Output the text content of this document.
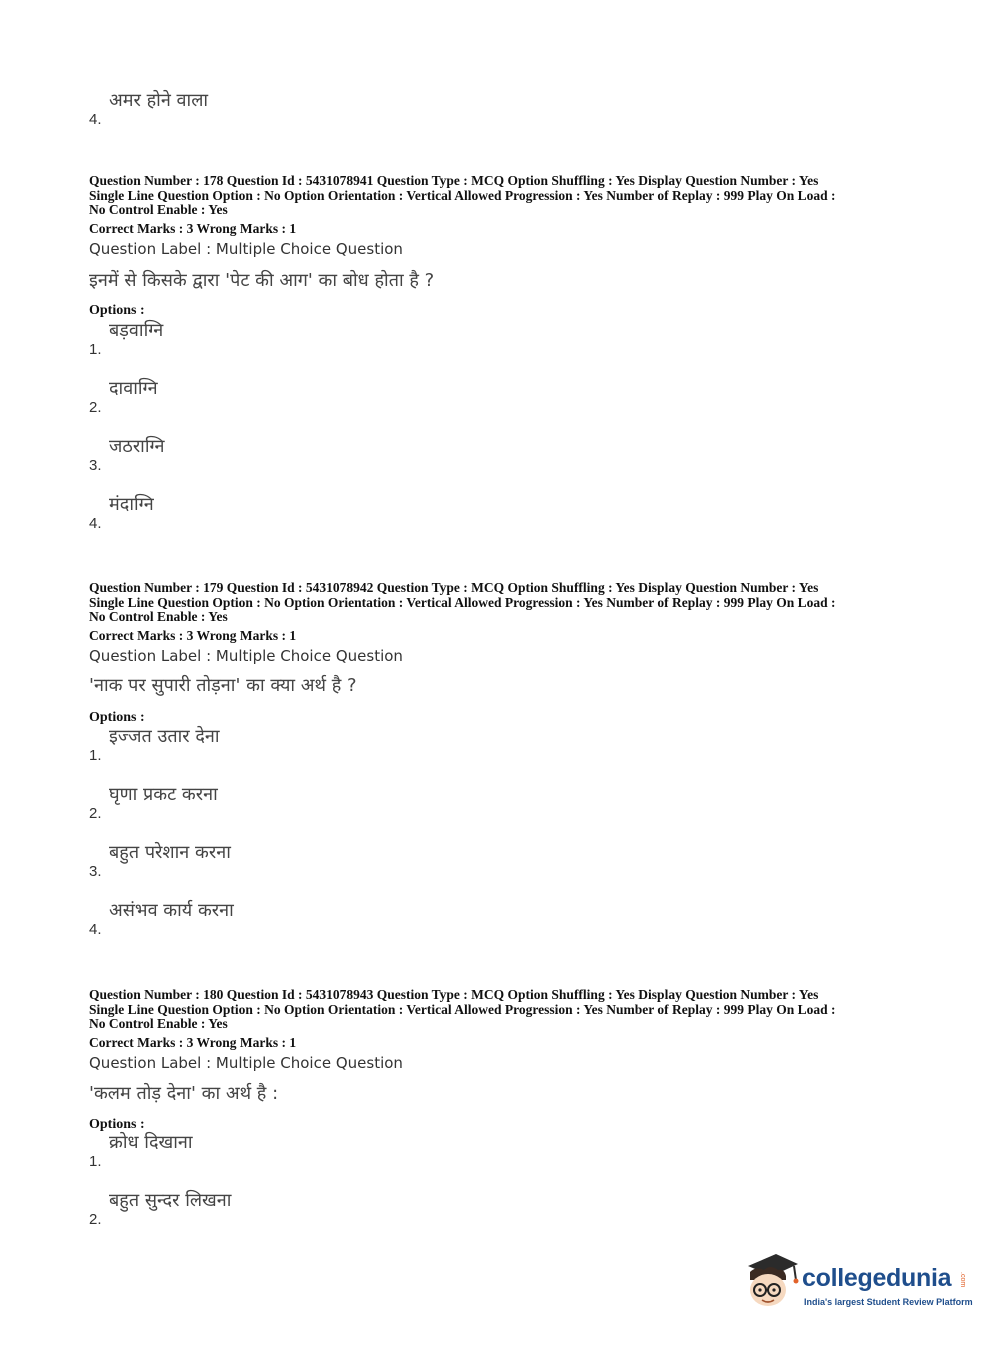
4.
अमर होने वाला
Question Number : 178 Question Id : 5431078941 Question Type : MCQ Option Shuffling : Yes Display Question Number : Yes
Single Line Question Option : No Option Orientation : Vertical Allowed Progression : Yes Number of Replay : 999 Play On Load :
No Control Enable : Yes
Correct Marks : 3 Wrong Marks : 1
Question Label : Multiple Choice Question
इनमें से किसके द्वारा 'पेट की आग' का बोध होता है ?
Options :
1.
बड़वाग्नि
2.
दावाग्नि
3.
जठराग्नि
4.
मंदाग्नि
Question Number : 179 Question Id : 5431078942 Question Type : MCQ Option Shuffling : Yes Display Question Number : Yes
Single Line Question Option : No Option Orientation : Vertical Allowed Progression : Yes Number of Replay : 999 Play On Load :
No Control Enable : Yes
Correct Marks : 3 Wrong Marks : 1
Question Label : Multiple Choice Question
'नाक पर सुपारी तोड़ना' का क्या अर्थ है ?
Options :
1.
इज्जत उतार देना
2.
घृणा प्रकट करना
3.
बहुत परेशान करना
4.
असंभव कार्य करना
Question Number : 180 Question Id : 5431078943 Question Type : MCQ Option Shuffling : Yes Display Question Number : Yes
Single Line Question Option : No Option Orientation : Vertical Allowed Progression : Yes Number of Replay : 999 Play On Load :
No Control Enable : Yes
Correct Marks : 3 Wrong Marks : 1
Question Label : Multiple Choice Question
'कलम तोड़ देना' का अर्थ है :
Options :
1.
क्रोध दिखाना
2.
बहुत सुन्दर लिखना
collegedunia .com
India's largest Student Review Platform
